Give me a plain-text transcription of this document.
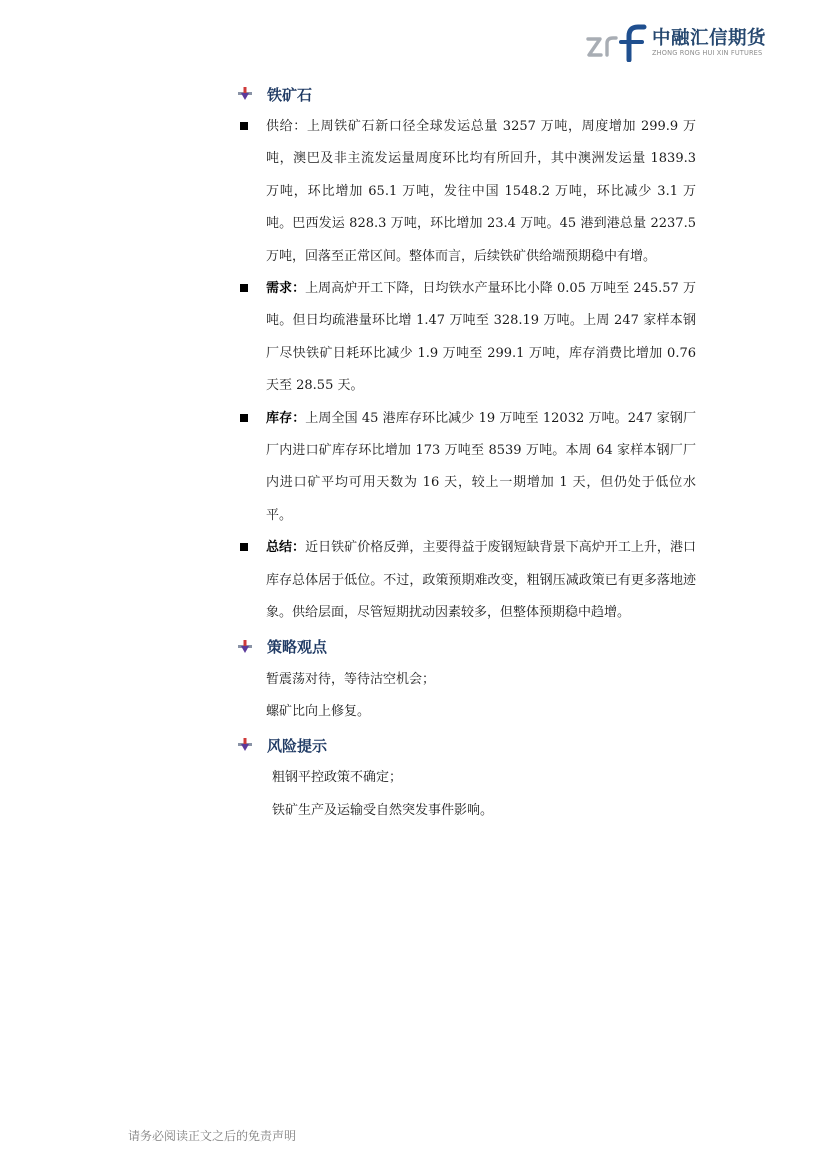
中融汇信期货
ZHONG RONG HUI XIN FUTURES
铁矿石

供给：上周铁矿石新口径全球发运总量 3257 万吨，周度增加 299.9 万吨，澳巴及非主流发运量周度环比均有所回升，其中澳洲发运量 1839.3 万吨，环比增加 65.1 万吨，发往中国 1548.2 万吨，环比减少 3.1 万吨。巴西发运 828.3 万吨，环比增加 23.4 万吨。45 港到港总量 2237.5 万吨，回落至正常区间。整体而言，后续铁矿供给端预期稳中有增。

需求：上周高炉开工下降，日均铁水产量环比小降 0.05 万吨至 245.57 万吨。但日均疏港量环比增 1.47 万吨至 328.19 万吨。上周 247 家样本钢厂尽快铁矿日耗环比减少 1.9 万吨至 299.1 万吨，库存消费比增加 0.76 天至 28.55 天。

库存：上周全国 45 港库存环比减少 19 万吨至 12032 万吨。247 家钢厂厂内进口矿库存环比增加 173 万吨至 8539 万吨。本周 64 家样本钢厂厂内进口矿平均可用天数为 16 天，较上一期增加 1 天，但仍处于低位水平。

总结：近日铁矿价格反弹，主要得益于废钢短缺背景下高炉开工上升，港口库存总体居于低位。不过，政策预期难改变，粗钢压减政策已有更多落地迹象。供给层面，尽管短期扰动因素较多，但整体预期稳中趋增。

策略观点

暂震荡对待，等待沽空机会；

螺矿比向上修复。

风险提示

粗钢平控政策不确定；

铁矿生产及运输受自然突发事件影响。

请务必阅读正文之后的免责声明
